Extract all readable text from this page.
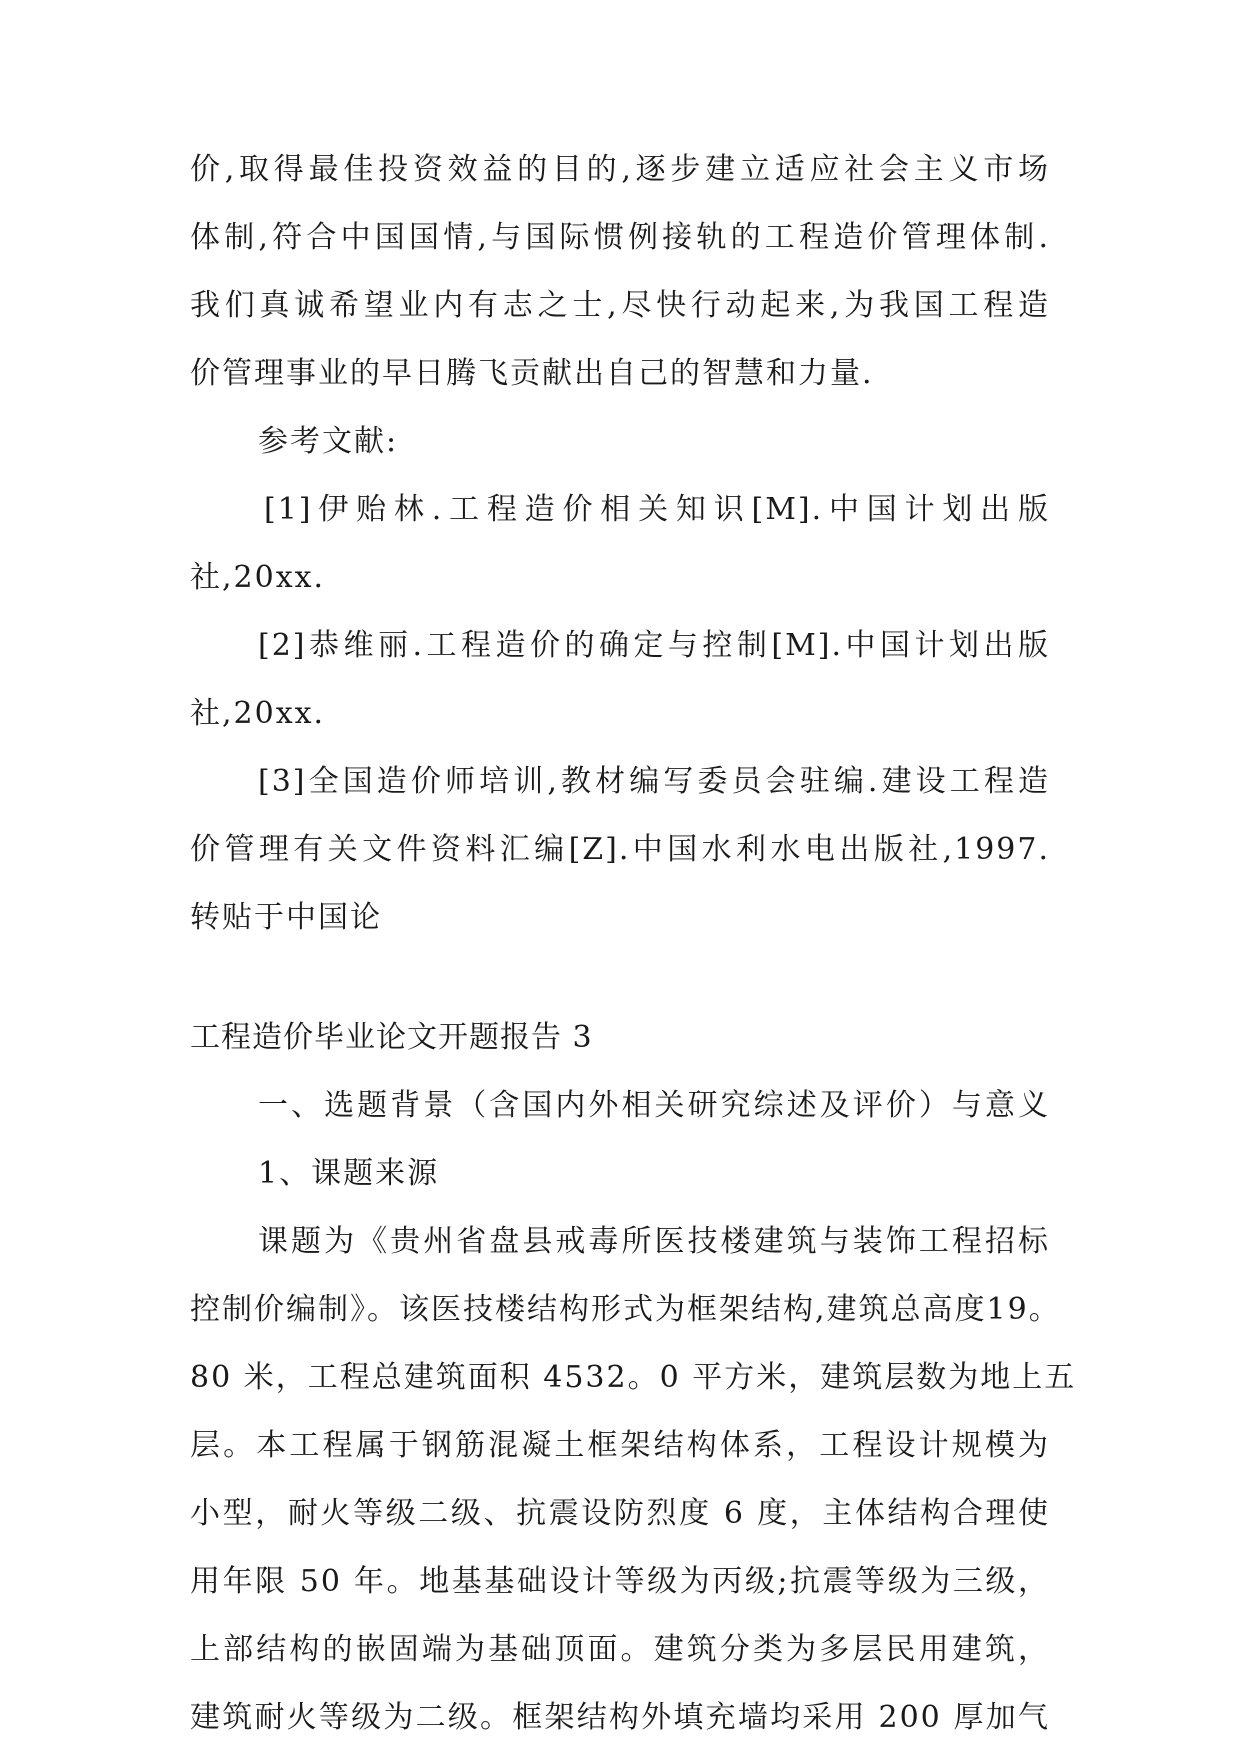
价,取得最佳投资效益的目的,逐步建立适应社会主义市场
体制,符合中国国情,与国际惯例接轨的工程造价管理体制.
我们真诚希望业内有志之士,尽快行动起来,为我国工程造
价管理事业的早日腾飞贡献出自己的智慧和力量.
参考文献:
[1]伊贻林.工程造价相关知识[M].中国计划出版
社,20xx.
[2]恭维丽.工程造价的确定与控制[M].中国计划出版
社,20xx.
[3]全国造价师培训,教材编写委员会驻编.建设工程造
价管理有关文件资料汇编[Z].中国水利水电出版社,1997.
转贴于中国论
工程造价毕业论文开题报告 3
一、选题背景（含国内外相关研究综述及评价）与意义
1、课题来源
课题为《贵州省盘县戒毒所医技楼建筑与装饰工程招标
控制价编制》。该医技楼结构形式为框架结构,建筑总高度19。
80 米，工程总建筑面积 4532。0 平方米，建筑层数为地上五
层。本工程属于钢筋混凝土框架结构体系，工程设计规模为
小型，耐火等级二级、抗震设防烈度 6 度，主体结构合理使
用年限 50 年。地基基础设计等级为丙级;抗震等级为三级，
上部结构的嵌固端为基础顶面。建筑分类为多层民用建筑，
建筑耐火等级为二级。框架结构外填充墙均采用 200 厚加气
